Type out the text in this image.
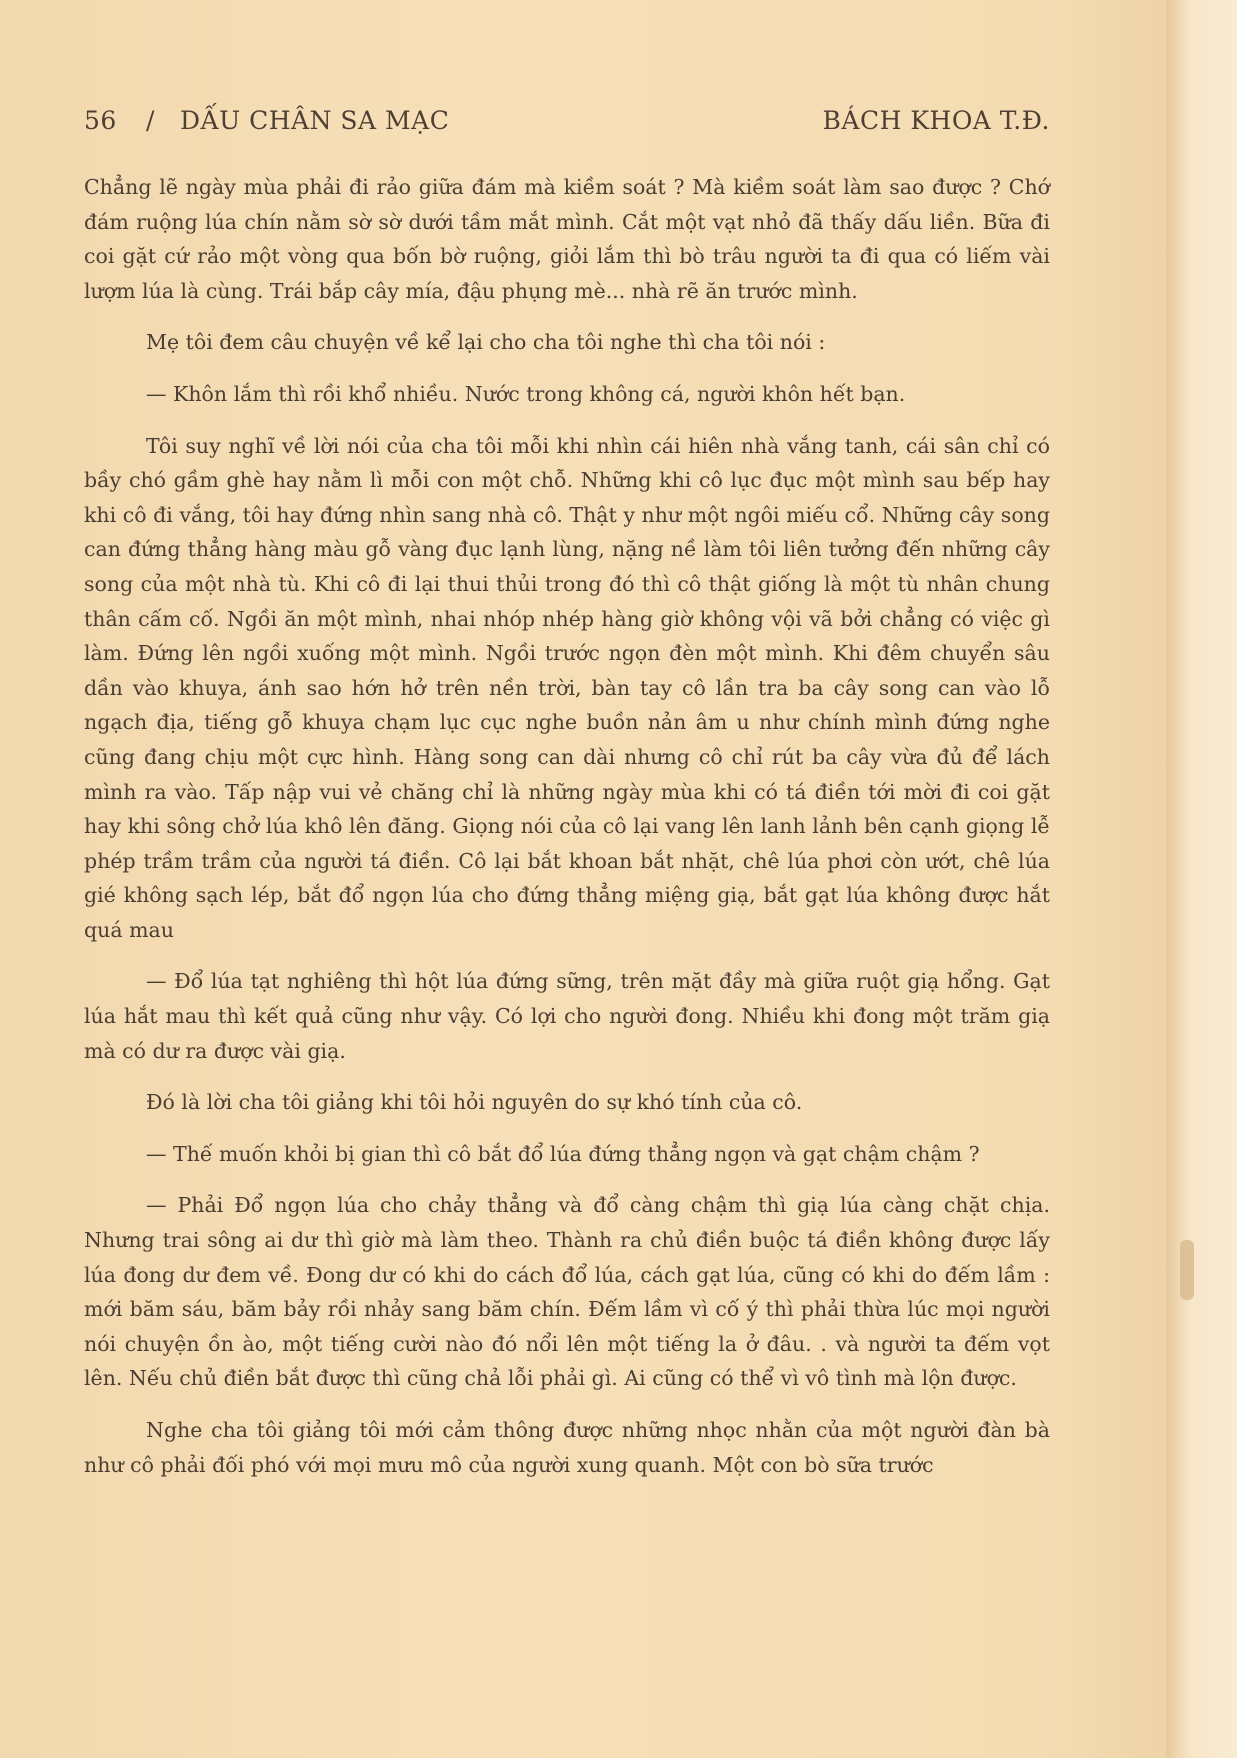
56 / DẤU CHÂN SA MẠC	BÁCH KHOA T.Đ.

Chẳng lẽ ngày mùa phải đi rảo giữa đám mà kiềm soát ? Mà kiềm soát làm sao được ? Chớ đám ruộng lúa chín nằm sờ sờ dưới tầm mắt mình. Cắt một vạt nhỏ đã thấy dấu liền. Bữa đi coi gặt cứ rảo một vòng qua bốn bờ ruộng, giỏi lắm thì bò trâu người ta đi qua có liếm vài lượm lúa là cùng. Trái bắp cây mía, đậu phụng mè... nhà rẽ ăn trước mình.

Mẹ tôi đem câu chuyện về kể lại cho cha tôi nghe thì cha tôi nói :

— Khôn lắm thì rồi khổ nhiều. Nước trong không cá, người khôn hết bạn.

Tôi suy nghĩ về lời nói của cha tôi mỗi khi nhìn cái hiên nhà vắng tanh, cái sân chỉ có bầy chó gầm ghè hay nằm lì mỗi con một chỗ. Những khi cô lục đục một mình sau bếp hay khi cô đi vắng, tôi hay đứng nhìn sang nhà cô. Thật y như một ngôi miếu cổ. Những cây song can đứng thẳng hàng màu gỗ vàng đục lạnh lùng, nặng nề làm tôi liên tưởng đến những cây song của một nhà tù. Khi cô đi lại thui thủi trong đó thì cô thật giống là một tù nhân chung thân cấm cố. Ngồi ăn một mình, nhai nhóp nhép hàng giờ không vội vã bởi chẳng có việc gì làm. Đứng lên ngồi xuống một mình. Ngồi trước ngọn đèn một mình. Khi đêm chuyển sâu dần vào khuya, ánh sao hớn hở trên nền trời, bàn tay cô lần tra ba cây song can vào lỗ ngạch địa, tiếng gỗ khuya chạm lục cục nghe buồn nản âm u như chính mình đứng nghe cũng đang chịu một cực hình. Hàng song can dài nhưng cô chỉ rút ba cây vừa đủ để lách mình ra vào. Tấp nập vui vẻ chăng chỉ là những ngày mùa khi có tá điền tới mời đi coi gặt hay khi sông chở lúa khô lên đăng. Giọng nói của cô lại vang lên lanh lảnh bên cạnh giọng lễ phép trầm trầm của người tá điền. Cô lại bắt khoan bắt nhặt, chê lúa phơi còn ướt, chê lúa gié không sạch lép, bắt đổ ngọn lúa cho đứng thẳng miệng giạ, bắt gạt lúa không được hắt quá mau

— Đổ lúa tạt nghiêng thì hột lúa đứng sững, trên mặt đầy mà giữa ruột giạ hổng. Gạt lúa hắt mau thì kết quả cũng như vậy. Có lợi cho người đong. Nhiều khi đong một trăm giạ mà có dư ra được vài giạ.

Đó là lời cha tôi giảng khi tôi hỏi nguyên do sự khó tính của cô.

— Thế muốn khỏi bị gian thì cô bắt đổ lúa đứng thẳng ngọn và gạt chậm chậm ?

— Phải Đổ ngọn lúa cho chảy thẳng và đổ càng chậm thì giạ lúa càng chặt chịa. Nhưng trai sông ai dư thì giờ mà làm theo. Thành ra chủ điền buộc tá điền không được lấy lúa đong dư đem về. Đong dư có khi do cách đổ lúa, cách gạt lúa, cũng có khi do đếm lầm : mới băm sáu, băm bảy rồi nhảy sang băm chín. Đếm lầm vì cố ý thì phải thừa lúc mọi người nói chuyện ồn ào, một tiếng cười nào đó nổi lên một tiếng la ở đâu. . và người ta đếm vọt lên. Nếu chủ điền bắt được thì cũng chả lỗi phải gì. Ai cũng có thể vì vô tình mà lộn được.

Nghe cha tôi giảng tôi mới cảm thông được những nhọc nhằn của một người đàn bà như cô phải đối phó với mọi mưu mô của người xung quanh. Một con bò sữa trước
